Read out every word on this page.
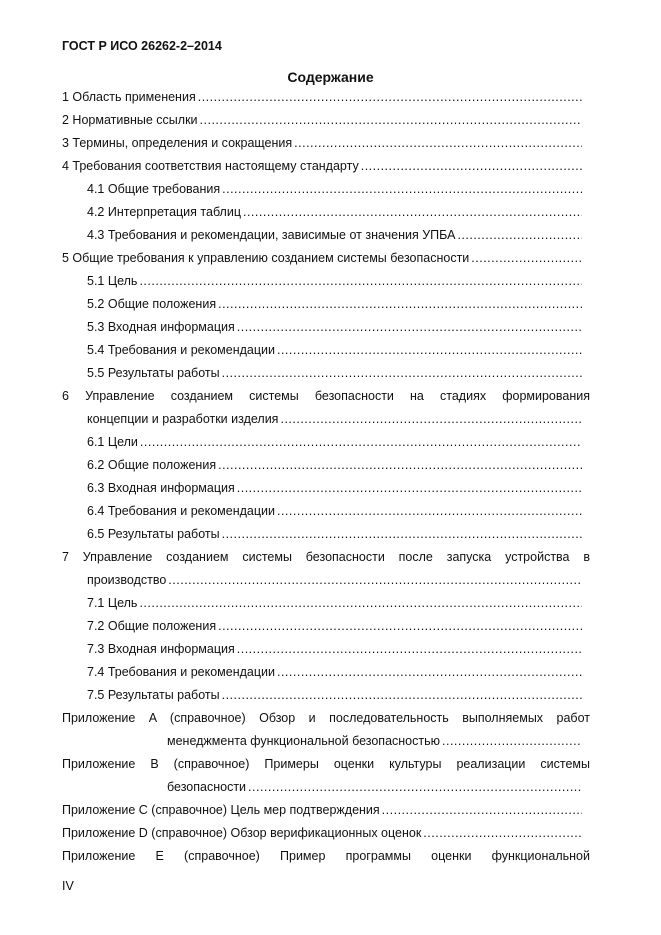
ГОСТ Р ИСО 26262-2–2014
Содержание
1 Область применения
.....
2 Нормативные ссылки
.....
3 Термины, определения и сокращения
.....
4 Требования соответствия настоящему стандарту
.....
4.1 Общие требования
.....
4.2 Интерпретация таблиц
.....
4.3 Требования и рекомендации, зависимые от значения УПБА
.....
5 Общие требования к управлению созданием системы безопасности
.....
5.1 Цель
.....
5.2 Общие положения
.....
5.3 Входная информация
.....
5.4 Требования и рекомендации
.....
5.5 Результаты работы
.....
6 Управление созданием системы безопасности на стадиях формирования
концепции и разработки изделия
.....
6.1 Цели
.....
6.2 Общие положения
.....
6.3 Входная информация
.....
6.4 Требования и рекомендации
.....
6.5 Результаты работы
.....
7 Управление созданием системы безопасности после запуска устройства в
производство
.....
7.1 Цель
.....
7.2 Общие положения
.....
7.3 Входная информация
.....
7.4 Требования и рекомендации
.....
7.5 Результаты работы
.....
Приложение A (справочное) Обзор и последовательность выполняемых работ
менеджмента функциональной безопасностью
.....
Приложение B (справочное) Примеры оценки культуры реализации системы
безопасности
.....
Приложение C (справочное) Цель мер подтверждения
.....
Приложение D (справочное) Обзор верификационных оценок
.....
Приложение E (справочное) Пример программы оценки функциональной
IV
